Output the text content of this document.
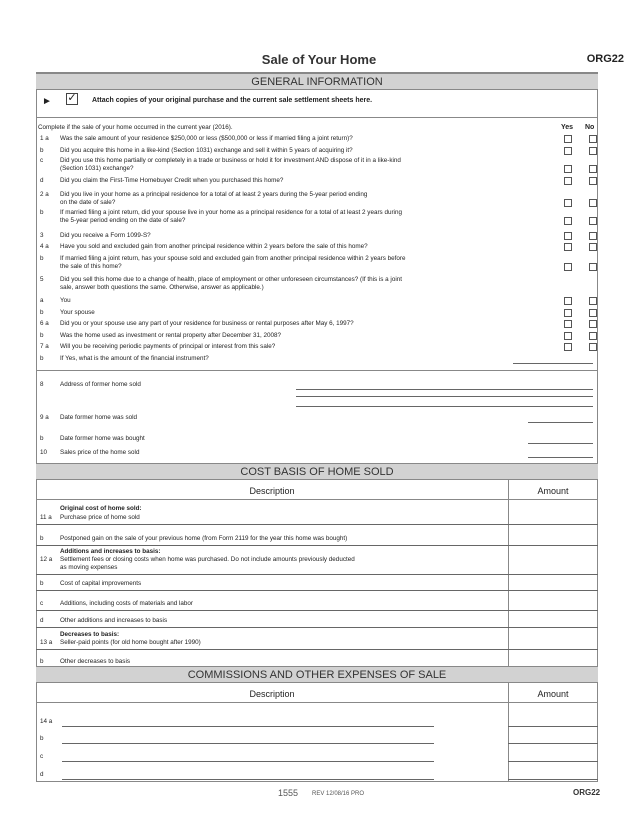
Sale of Your Home	ORG22
GENERAL INFORMATION
► ✓ Attach copies of your original purchase and the current sale settlement sheets here.
Complete if the sale of your home occurred in the current year (2016).	Yes No
1 a Was the sale amount of your residence $250,000 or less ($500,000 or less if married filing a joint return)?
b	Did you acquire this home in a like-kind (Section 1031) exchange and sell it within 5 years of acquiring it?
c	Did you use this home partially or completely in a trade or business or hold it for investment AND dispose of it in a like-kind
(Section 1031) exchange?
d	Did you claim the First-Time Homebuyer Credit when you purchased this home?
2 a Did you live in your home as a principal residence for a total of at least 2 years during the 5-year period ending
on the date of sale?
b	If married filing a joint return, did your spouse live in your home as a principal residence for a total of at least 2 years during
the 5-year period ending on the date of sale?
3	Did you receive a Form 1099-S?
4 a Have you sold and excluded gain from another principal residence within 2 years before the sale of this home?
b	If married filing a joint return, has your spouse sold and excluded gain from another principal residence within 2 years before
the sale of this home?
5	Did you sell this home due to a change of health, place of employment or other unforeseen circumstances? (If this is a joint
sale, answer both questions the same. Otherwise, answer as applicable.)
a	You
b	Your spouse
6 a Did you or your spouse use any part of your residence for business or rental purposes after May 6, 1997?
b	Was the home used as investment or rental property after December 31, 2008?
7 a Will you be receiving periodic payments of principal or interest from this sale?
b	If Yes, what is the amount of the financial instrument?
8	Address of former home sold
9 a Date former home was sold
b	Date former home was bought
10 Sales price of the home sold
COST BASIS OF HOME SOLD
Description	Amount
Original cost of home sold:
11 a Purchase price of home sold
b	Postponed gain on the sale of your previous home (from Form 2119 for the year this home was bought)
Additions and increases to basis:
12 a Settlement fees or closing costs when home was purchased. Do not include amounts previously deducted
as moving expenses
b	Cost of capital improvements
c	Additions, including costs of materials and labor
d	Other additions and increases to basis
Decreases to basis:
13 a Seller-paid points (for old home bought after 1990)
b	Other decreases to basis
COMMISSIONS AND OTHER EXPENSES OF SALE
Description	Amount
14 a
b
c
d
1555 REV 12/08/16 PRO	ORG22
